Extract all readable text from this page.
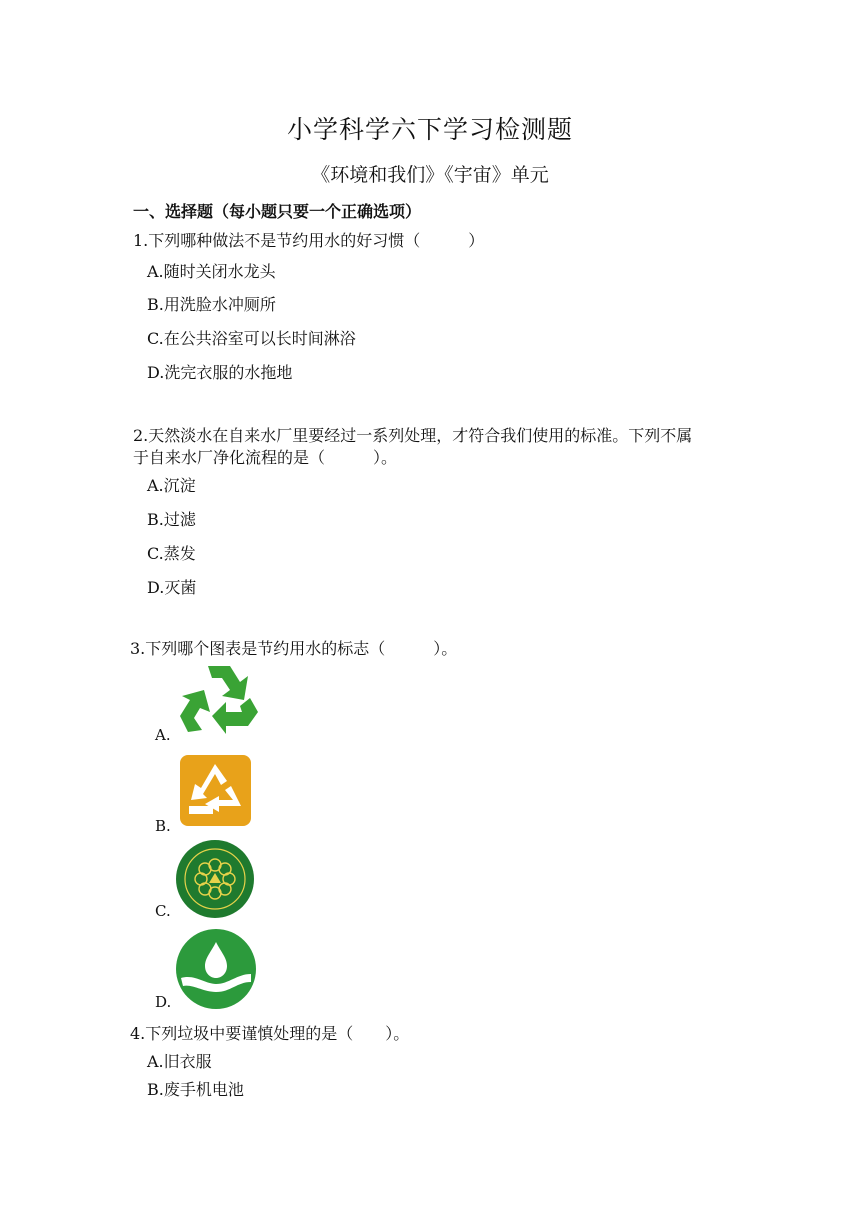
小学科学六下学习检测题
《环境和我们》《宇宙》单元
一、选择题（每小题只要一个正确选项）
1.下列哪种做法不是节约用水的好习惯（　　　）
A.随时关闭水龙头
B.用洗脸水冲厕所
C.在公共浴室可以长时间淋浴
D.洗完衣服的水拖地
2.天然淡水在自来水厂里要经过一系列处理，才符合我们使用的标准。下列不属
于自来水厂净化流程的是（　　　）。
A.沉淀
B.过滤
C.蒸发
D.灭菌
3.下列哪个图表是节约用水的标志（　　　）。
A.
B.
C.
D.
4.下列垃圾中要谨慎处理的是（　　）。
A.旧衣服
B.废手机电池
